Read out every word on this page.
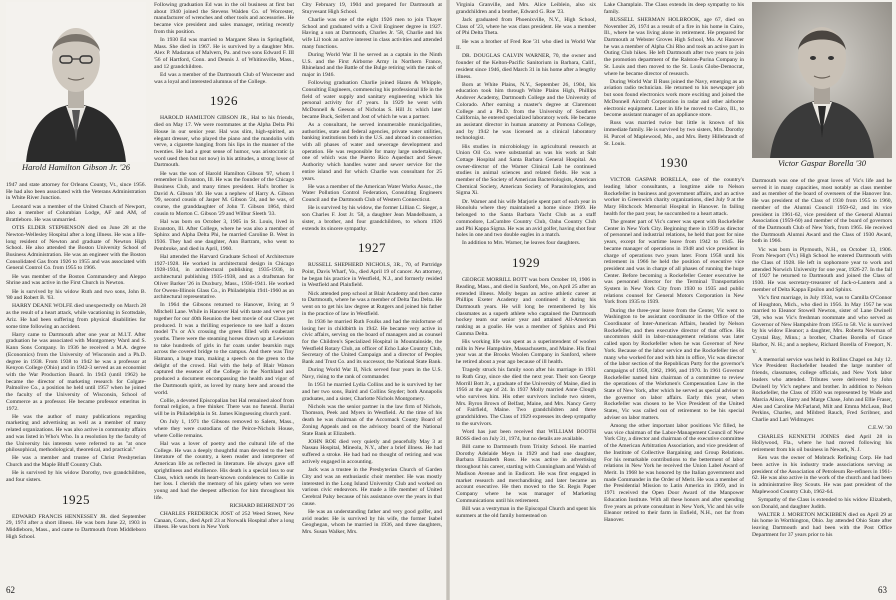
Harold Hamilton Gibson Jr. '26

1947 and state attorney for Orleans County, Vt., since 1956. He had also been associated with the Veterans Administration in White River Junction.

Leonard was a member of the United Church of Newport, also a member of Columbian Lodge, AF and AM, of Brattleboro. He was unmarried.

OTIS ELDER STEPHENSON died on June 28 at the Newton-Wellesley Hospital after a long illness. He was a life-long resident of Newton and graduate of Newton High School. He also attended the Boston University School of Business Administration. He was an engineer with the Boston Consolidated Gas from 1926 to 1955 and was associated with General Control Co. from 1955 to 1966.

He was member of the Boston Commandery and Aleppo Shrine and was active in the First Church in Newton.

He is survived by his widow Ruth and two sons, John B. '80 and Robert B. '63.

HARRY DEANE WOLFE died unexpectedly on March 28 as the result of a heart attack, while vacationing in Scottsdale, Ariz. He had been suffering from physical disabilities for some time following an accident.

Harry came to Dartmouth after one year at M.I.T. After graduation he was associated with Montgomery Ward and S. Kann Sons Company. In 1936 he received a M.A. degree (Economics) from the University of Wisconsin and a Ph.D. degree in 1938. From 1938 to 1942 he was a professor at Kenyon College (Ohio) and in 1942-3 served as an economist with the War Production Board. In 1943 (until 1962) he became the director of marketing research for Colgate-Palmolive Co., a position he held until 1957 when he joined the faculty of the University of Wisconsin, School of Commerce as a professor. He became professor emeritus in 1972.

He was the author of many publications regarding marketing and advertising as well as a member of many related organizations. He was also active in community affairs and was listed in Who's Who. In a resolution by the faculty of the University his interests were referred to as "at once philosophical, methodological, theoretical, and practical."

He was a member and trustee of Christ Presbyterian Church and the Maple Bluff Country Club.

He is survived by his widow Dorothy, two grandchildren, and four sisters.

1925

EDWARD FRANCIS HENNESSEY JR. died September 29, 1974 after a short illness. He was born June 22, 1903 in Middleboro, Mass., and came to Dartmouth from Middleboro High School.

Following graduation Ed was in the oil business at first but about 1940 joined the Stevens Walden Co. of Worcester, manufacturer of wrenches and other tools and accessories. He became vice president and sales manager, retiring recently from this position.

In 1930 Ed was married to Margaret Shea in Springfield, Mass. She died in 1967. He is survived by a daughter Mrs. Alex P. Madaraus of Malvern, Pa. and two sons Edward F. III '56 of Hartford, Conn. and Dennis J. of Whitinsville, Mass., and 12 grandchildren.

Ed was a member of the Dartmouth Club of Worcester and was a loyal and interested alumnus of the College.

1926

HAROLD HAMILTON GIBSON JR., Hal to his friends, died on May 17. We were roommates at the Alpha Delta Phi House in our senior year. Hal was slim, high-spirited, an elegant dresser, who played the piano and the mandolin with verve, a cigarette hanging from his lips in the manner of the twenties. He had a great sense of humor, was aristocratic (a word used then but not now) in his attitudes, a strong lover of Dartmouth.

He was the son of Harold Hamilton Gibson '97, whom I remember in Evanston, Ill. He was the founder of the Chicago Business Club, and many times president. Hal's brother is David A. Gibson '40. He was a nephew of Harry A. Gibson '99, second cousin of Jasper M. Gibson '24, and he was, of course, the granddaughter of John T. Gibson 1864, third cousin to Morton C. Gibson '29 and Wilbur Sleeth '33.

Hal was born on October 3, 1905 in St. Louis, lived in Evanston, Ill. After College, where he was also a member of Sphinx and Alpha Delta Phi, he married Caroline B. West in 1936. They had one daughter, Ann Bartram, who went to Pembroke, and died in April, 1960.

Hal attended the Harvard Graduate School of Architecture 1927-1928. He worked in architectural design in Chicago 1928-1934, in architectural publishing 1935-1936, in architectural publishing 1935-1938, and as a draftsman for Oliver Barker '26 in Duxbury, Mass., 1936-1941. He worked for Owens-Illinois Glass Co., in Philadelphia 1941-1960 as an architectural representative.

In 1964 the Gibsons returned to Hanover, living at 9 Mitchell Lane. While in Hanover Hal with taste and verve put together for our 40th Reunion the best movie of our Class yet produced. It was a thrilling experience to see half a dozen model T's or A's crossing the green filled with exuberant youths. There were the steaming horses drawn up at Lewiston to take hundreds of girls in fur coats under bearskin rugs across the covered bridge to the campus. And there was Tiny Hamann, a huge man, making a speech on the green to the delight of the crowd. Hal with the help of Blair Watson captured the essence of the College in the Northland and produced a document encompassing the health and vigor of the Dartmouth spirit, as loved by many here and around the world.

Collie, a devoted Episcopalian but Hal remained aloof from formal religion, a free thinker. There was no funeral. Burial will be in Philadelphia in St. James Kingsessing church yard.

On July 1, 1971 the Gibsons removed to Salem, Mass., where they were custodians of the Peirce-Nichols House, where Collie remains.

Hal was a lover of poetry and the cultural life of the College. He was a deeply thoughtful man devoted to the best literature of the country, a keen reader and interpreter of American life as reflected in literature. He always gave off sprightliness and ebullience. His death is a special loss to our Class, which sends its heart-known condolences to Collie in her loss. I cherish the memory of his gaiety when we were young and had the deepest affection for him throughout his life.

RICHARD BEHRENDT '26

CHARLES FREDERICK JOST of 252 Weed Street, New Canaan, Conn., died April 23 at Norwalk Hospital after a long illness. He was born in New York

City February 19, 1904 and prepared for Dartmouth at Stuyvesant High School.

Charlie was one of the eight 1926 men to join Thayer School and graduated with a Civil Engineer degree in 1927. Having a son at Dartmouth, Charles Jr. '58, Charlie and his wife Lil took an active interest in class activities and attended many functions.

During World War II he served as a captain in the Ninth U.S. and the First Airborne Army in Northern France, Rhineland and the Battle of the Bulge retiring with the rank of major in 1946.

Following graduation Charlie joined Hazen & Whipple, Consulting Engineers, commencing his professional life in the field of water supply and sanitary engineering which his personal activity for 47 years. In 1929 he went with McDonnell & Geeson of Nicholas S. Hill Jr. which later became Buck, Seifert and Jost of which he was a partner.

As a consultant, he served innumerable municipalities, authorities, state and federal agencies, private water utilities, banking institutions both in the U.S. and abroad in connection with all phases of water and sewerage development and operation. He was responsible for many large undertakings, one of which was the Puerto Rico Aqueduct and Sewer Authority which handles water and sewer service for the entire island and for which Charlie was consultant for 25 years.

He was a member of the American Water Works Assoc., the Water Pollution Control Federation, Consulting Engineers Council and the Dartmouth Club of Western Connecticut.

He is survived by his widow, the former Lillian C. Sieger, a son Charles F. Jost Jr. '58, a daughter Jean Mandelbaum, a sister, a brother, and four grandchildren, to whom 1926 extends its sincere sympathy.

1927

RUSSELL SHEPHERD NICHOLS, 3R., 70, of Partridge Point, Davis Wharf, Va., died April 19 of cancer. An attorney, he began his practice in Westfield, N.J., and formerly resided in Westfield and Plainfield.

Nick attended prep school at Blair Academy and then came to Dartmouth, where he was a member of Delta Tau Delta. He went on to get his law degree at Rutgers and joined his father in the practice of law in Westfield.

In 1936 he married Ruth Foulks and had the misfortune of losing her in childbirth in 1942. He became very active in civic affairs, serving on the board of managers and as counsel for the Children's Specialized Hospital in Mountainside, the Westfield Rotary Club, an officer of Echo Lake Country Club, Secretary of the United Campaign and a director of Peoples Bank and Trust Co. and its successor, the National State Bank.

During World War II, Nick served four years in the U.S. Navy, rising to the rank of commander.

In 1951 he married Lydia Collins and he is survived by her and her two sons, Baird and Collins Snyder; both Annapolis graduates, and a sister, Charlotte Nichols Montgomery.

Nichols was the senior partner in the law firm of Nichols, Thomson, Peek and Myers in Westfield. At the time of his death he was chairman of the Accomack County Board of Zoning Appeals and on the advisory board of the National State Bank at Elizabeth.

JOHN ROE died very quietly and peacefully May 3 at Nassau Hospital, Mineola, N.Y., after a brief illness. He had suffered a stroke. He had had no thought of retiring and was actively engaged in accounting.

Jack was a trustee in the Presbyterian Church of Garden City and was an enthusiastic choir member. He was mostly interested in the Long Island University Club and worked on various civic endeavors. He made a life member of United Cerebral Palsy because of his assistance over the years in that cause.

He was an understanding father and very good golfer, and avid reader. He is survived by his wife, the former Isabel Geoghegan, whom he married in 1936, and three daughters, Mrs. Susan Walker, Mrs.

62

Virginia Granville, and Mrs. Alice Leiblein, also six grandchildren and a brother, Edward G. Roe '23.

Jack graduated from Phoenixville, N.Y., High School, Class of '23, where he was class president. He was a member of Phi Delta Theta.

He was a brother of Fred Roe '31 who died in World War II.

DR. DOUGLAS CALVIN WARNER, 70, the owner and founder of the Kelton-Pacific Sanitorium in Barbara, Calif., resident since 1946, died March 31 in his home after a lengthy illness.

Born at White Plains, N.Y., September 26, 1904, his education took him through White Plains High, Phillips Andover Academy, Dartmouth College and the University of Colorado. After earning a master's degree at Claremont College and a Ph.D. from the University of Southern California, he entered specialized laboratory work. He became an assistant director in human anatomy at Pomona College, and by 1942 he was licensed as a clinical laboratory technologist.

His studies in microbiology in agricultural research at Union Oil Co. were substantial as was his work at Salt Cottage Hospital and Santa Barbara General Hospital. An owner-director of the Warner Clinical Lab he continued studies in animal sciences and related fields. He was a member of the Society of American Bacteriologists, American Chemical Society, American Society of Parasitologists, and Sigma Xi.

Dr. Warner and his wife Marjorie spent part of each year in Honolulu where they maintained a home since 1969. He belonged to the Santa Barbara Yacht Club as a staff commodore, LaCumbre Country Club, Oahu Country Club and Phi Kappa Sigma. He was an avid golfer, having shot four holes in one and two double eagles in a match.

In addition to Mrs. Warner, he leaves four daughters.

1929

GEORGE MORRILL BOTT was born October 18, 1906 in Reading, Mass., and died in Sanford, Me., on April 25 after an extended illness. Molly began an active athletic career at Phillips Exeter Academy and continued it during his Dartmouth years. He will long be remembered by his classmates as a superb athlete who captained the Dartmouth hockey team our senior year and attained All-American ranking as a goalie. He was a member of Sphinx and Phi Gamma Delta.

His working life was spent as a superintendent of woolen mills in New Hampshire, Massachusetts, and Maine. His final year was at the Brooks Woolen Company in Sanford, where he retired about a year ago because of ill health.

Tragedy struck his family soon after his marriage in 1931 to Ruth Gray, since she died the next year. Their son George Morrill Bott Jr., a graduate of the University of Maine, died in 1956 at the age of 24. In 1937 Molly married Anne Clough who survives him. His other survivors include two sisters, Mrs. Byron Brown of Belfast, Maine, and Mrs. Nancy Gerry of Fairfield, Maine. Two grandchildren and three grandchildren. The Class of 1929 expresses its deep sympathy to the survivors.

Word has just been received that WILLIAM BOOTH ROSS died on July 31, 1974, but no details are available.

Bill came to Dartmouth from Trinity School. He married Dorothy Adelaide Meyn in 1929 and had one daughter, Barbara Elizabeth Ross. He was active in advertising throughout his career, starting with Cunningham and Walsh of Madison Avenue and in Endicott. He was first engaged in market research and merchandising and later became an account executive. He then moved to the St. Regis Paper Company where he was manager of Marketing Communications until his retirement.

Bill was a vestryman in the Episcopal Church and spent his summers at the old family homestead on

Lake Champlain. The Class extends its deep sympathy to his family.

RUSSELL SHERMAN HOLBROOK, age 67, died on November 26, 1974 as a result of a fire in his home in Cairo, Ill., where he was living alone in retirement. He prepared for Dartmouth at Webster Groves High School, Mo. At Hanover he was a member of Alpha Chi Rho and took an active part in Outing Club hikes. He left Dartmouth after two years to join the promotion department of the Ralston-Purina Company in St. Louis and then moved to the St. Louis Globe-Democrat, where he became director of research.

During World War II Russ joined the Navy, emerging as an aviation radio technician. He returned to his newspaper job but soon found electronics work more exciting and joined the McDonnell Aircraft Corporation in radar and other airborne electronic equipment. Later in life he moved to Cairo, Ill., to become assistant manager of an appliance store.

Russ was married twice but little is known of his immediate family. He is survived by two sisters, Mrs. Dorothy H. Purcel of Maplewood, Mo., and Mrs. Betty Hillebrandt of St. Louis.

1930

VICTOR GASPAR BORELLA, one of the country's leading labor consultants, a longtime aide to Nelson Rockefeller in business and government affairs, and an active worker in Greenwich charity organizations, died July 9 at the Mary Hitchcock Memorial Hospital in Hanover. In failing health for the past year, he succumbed to a heart attack.

The greater part of Vic's career was spent with Rockefeller Center in New York City. Beginning there in 1939 as director of personnel and industrial relations, he held that post for nine years, except for wartime leave from 1942 to 1945. He became manager of operations in 1948 and vice president in charge of operations two years later. From 1958 until his retirement in 1966 he held the position of executive vice president and was in charge of all phases of running the huge Center. Before becoming a Rockefeller Center executive he was personnel director for the Terminal Transportation System in New York City from 1930 to 1935 and public relations counsel for General Motors Corporation in New York from 1935 to 1939.

During the three-year leave from the Center, Vic went to Washington to be assistant coordinator in the Office of the Coordinator of Inter-American Affairs, headed by Nelson Rockefeller, and then executive director of that office. His uncommon skill in labor-management relations was later called upon by Rockefeller when he was Governor of New York. Because of the labor service and the Rockefeller ties of many who worked for and with him in office, Vic was director of the labor section of the Republican Party for the governor's campaigns of 1958, 1962, 1966, and 1970. In 1961 Governor Rockefeller named him chairman of a committee to review the operations of the Workmen's Compensation Law in the State of New York, after which he served as special adviser to the governor on labor affairs. Early this year, when Rockefeller was chosen to be Vice President of the United States, Vic was called out of retirement to be his special adviser on labor matters.

Among the other important labor positions Vic filled, he was vice chairman of the Labor-Management Council of New York City, a director and chairman of the executive committee of the American Arbitration Association, and vice president of the Institute of Collective Bargaining and Group Relations. For his remarkable contributions to the betterment of labor relations in New York he received the Union Label Award of Merit. In 1968 he was honored by the Italian government and made Commander in the Order of Merit. He was a member of the Presidential Mission to Latin America in 1969, and in 1971 received the Open Door Award of the Manpower Education Institute. With all these honors and after spending five years as private consultant in New York, Vic and his wife Eleanor retired to their farm in Enfield, N.H., not far from Hanover.

Victor Gaspar Borella '30

Dartmouth was one of the great loves of Vic's life and he served it in many capacities, most notably as class member and as member of the board of overseers of the Hanover Inn. He was president of the Class of 1930 from 1955 to 1960, member of the Alumni Council 1959-62, and its vice president in 1961-62, vice president of the General Alumni Association (1959-60) and member of the board of governors of the Dartmouth Club of New York, from 1965. He received the Dartmouth Alumni Award and the Class of 1930 Award, both in 1966.

Vic was born in Plymouth, N.H., on October 13, 1906. From Newport (Vt.) High School he entered Dartmouth with the Class of 1928. He left in sophomore year to work and attended Norwich University for one year, 1926-27. In the fall of 1927 he returned to Dartmouth and joined the Class of 1930. He was secretary-treasurer of Jack-o-Lantern and a member of Delta Kappa Epsilon and Sphinx.

Vic's first marriage, in July 1934, was to Camilla O'Connor of Houghton, Mich., who died in 1956. In May 1957 he was married to Eleanor Stowell Newton, sister of Lane Dwinell '28, who was Vic's freshman roommate and who served as Governor of New Hampshire from 1955 to 58. Vic is survived by his widow Eleanor; a daughter, Mrs. Roberta Newman of Crystal Bay, Minn.; a brother, Charles Borella of Grace Harbor, N. H.; and a nephew, Richard Borella of Freeport, N. Y.

A memorial service was held in Rollins Chapel on July 12. Vice President Rockefeller headed the large number of friends, classmates, college officials, and New York labor leaders who attended. Tributes were delivered by John Dwinell by Vic's nephew and brother. In addition to Nelson Rockefeller, the Class of 1930 was represented by Wade and Marcia Alison, Harry and Marge Chase, John and Ellie Fraser, Ales and Caroline McFarland, Milt and Emma McLean, Bud Perkins, Charles, and Mildred Rauch, Fred Scribner, and Charlie and Lari Widmayer.

C.E.W. '30

CHARLES KENNETH JOINES died April 28 in Hollywood, Fla., where he had moved following his retirement from his oil business in Newark, N. J.

Ken was the owner of Mobrack Refining Corp. He had been active in his industry trade associations serving as president of the Association of Petroleum Re-refiners in 1961-62. He was also active in the work of the church and had been in administrative Boy Scouts. He was past president of the Maplewood Country Club, 1962-64.

Sympathy of the Class is extended to his widow Elizabeth, son Donald, and daughter Judith.

WALTER J. MORETON MCKIBBEN died on April 29 at his home in Worthington, Ohio. Jay attended Ohio State after leaving Dartmouth and had been with the Post Office Department for 37 years prior to his

63
